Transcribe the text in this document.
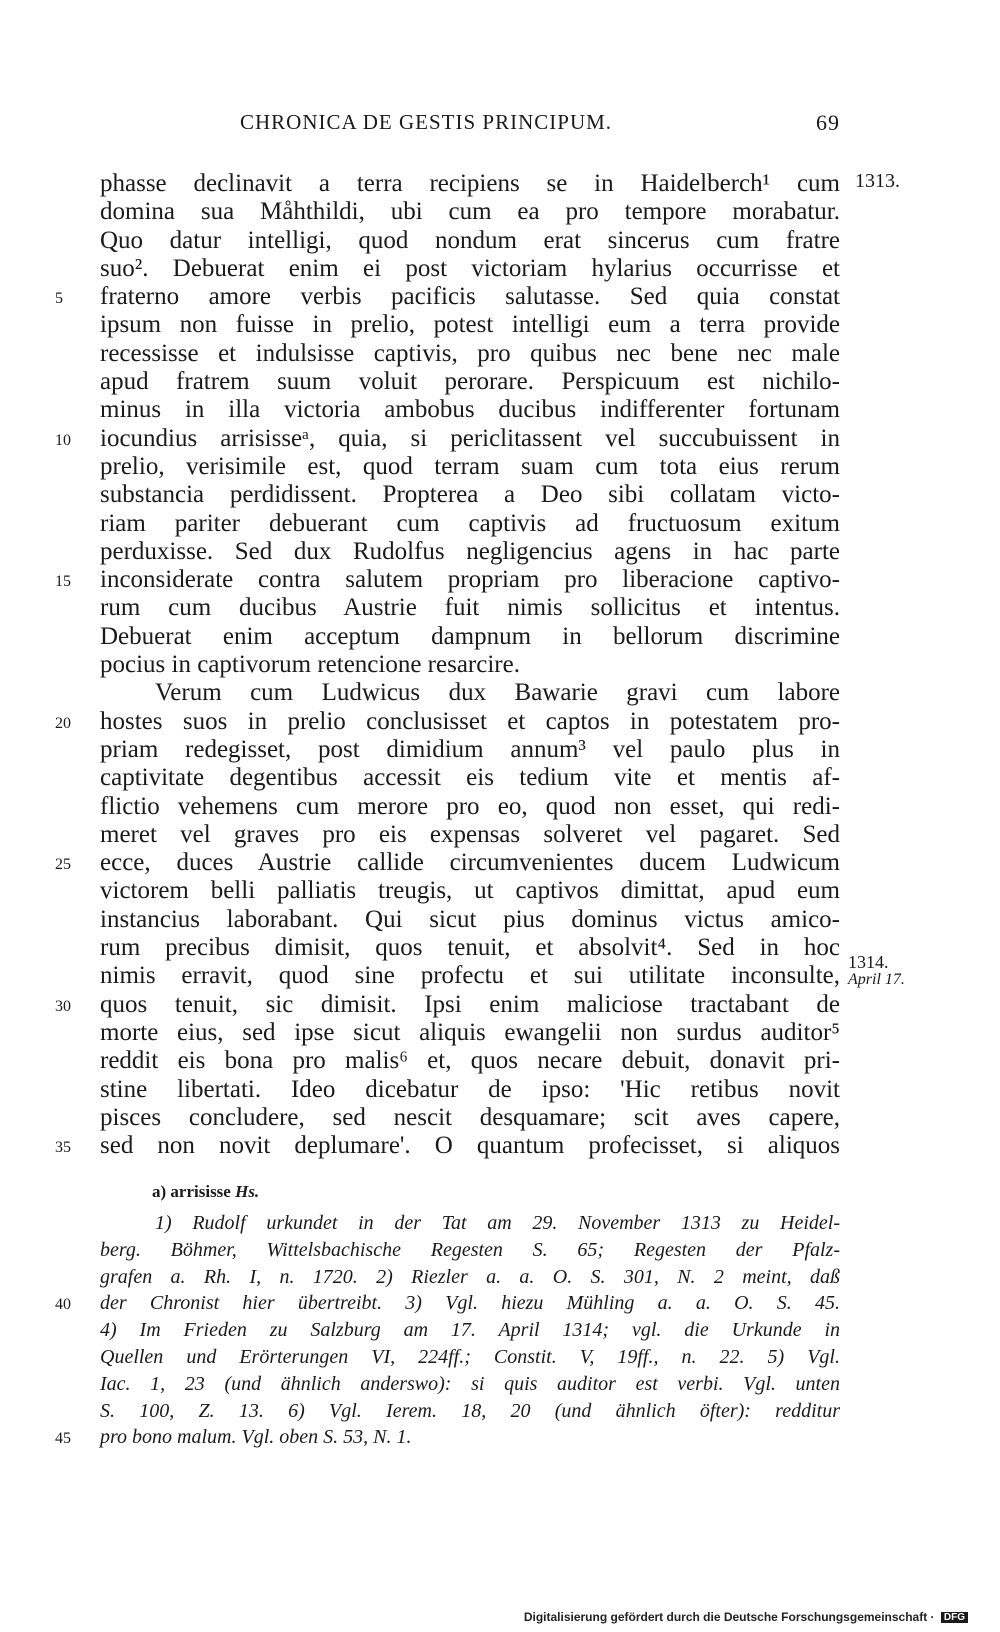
CHRONICA DE GESTIS PRINCIPUM.	69
1313.
phasse declinavit a terra recipiens se in Haidelberch¹ cum
domina sua Måhthildi, ubi cum ea pro tempore morabatur.
Quo datur intelligi, quod nondum erat sincerus cum fratre
suo². Debuerat enim ei post victoriam hylarius occurrisse et
5	fraterno amore verbis pacificis salutasse. Sed quia constat
ipsum non fuisse in prelio, potest intelligi eum a terra provide
recessisse et indulsisse captivis, pro quibus nec bene nec male
apud fratrem suum voluit perorare. Perspicuum est nichilo-
minus in illa victoria ambobus ducibus indifferenter fortunam
10	iocundius arrisisseᵃ, quia, si periclitassent vel succubuissent in
prelio, verisimile est, quod terram suam cum tota eius rerum
substancia perdidissent. Propterea a Deo sibi collatam victo-
riam pariter debuerant cum captivis ad fructuosum exitum
perduxisse. Sed dux Rudolfus negligencius agens in hac parte
15	inconsiderate contra salutem propriam pro liberacione captivo-
rum cum ducibus Austrie fuit nimis sollicitus et intentus.
Debuerat enim acceptum dampnum in bellorum discrimine
pocius in captivorum retencione resarcire.
Verum cum Ludwicus dux Bawarie gravi cum labore
20	hostes suos in prelio conclusisset et captos in potestatem pro-
priam redegisset, post dimidium annum³ vel paulo plus in
captivitate degentibus accessit eis tedium vite et mentis af-
flictio vehemens cum merore pro eo, quod non esset, qui redi-
meret vel graves pro eis expensas solveret vel pagaret. Sed
25	ecce, duces Austrie callide circumvenientes ducem Ludwicum
victorem belli palliatis treugis, ut captivos dimittat, apud eum
instancius laborabant. Qui sicut pius dominus victus amico-
rum precibus dimisit, quos tenuit, et absolvit⁴. Sed in hoc
nimis erravit, quod sine profectu et sui utilitate inconsulte,
30	quos tenuit, sic dimisit. Ipsi enim maliciose tractabant de
morte eius, sed ipse sicut aliquis ewangelii non surdus auditor⁵
reddit eis bona pro malis⁶ et, quos necare debuit, donavit pri-
stine libertati. Ideo dicebatur de ipso: 'Hic retibus novit
pisces concludere, sed nescit desquamare; scit aves capere,
35	sed non novit deplumare'. O quantum profecisset, si aliquos
1314.
April 17.
a) arrisisse Hs.
1) Rudolf urkundet in der Tat am 29. November 1313 zu Heidel-
berg. Böhmer, Wittelsbachische Regesten S. 65; Regesten der Pfalz-
grafen a. Rh. I, n. 1720. 2) Riezler a. a. O. S. 301, N. 2 meint, daß
40	der Chronist hier übertreibt. 3) Vgl. hiezu Mühling a. a. O. S. 45.
4) Im Frieden zu Salzburg am 17. April 1314; vgl. die Urkunde in
Quellen und Erörterungen VI, 224ff.; Constit. V, 19ff., n. 22. 5) Vgl.
Iac. 1, 23 (und ähnlich anderswo): si quis auditor est verbi. Vgl. unten
S. 100, Z. 13. 6) Vgl. Ierem. 18, 20 (und ähnlich öfter): redditur
45	pro bono malum. Vgl. oben S. 53, N. 1.
Digitalisierung gefördert durch die Deutsche Forschungsgemeinschaft · DFG
